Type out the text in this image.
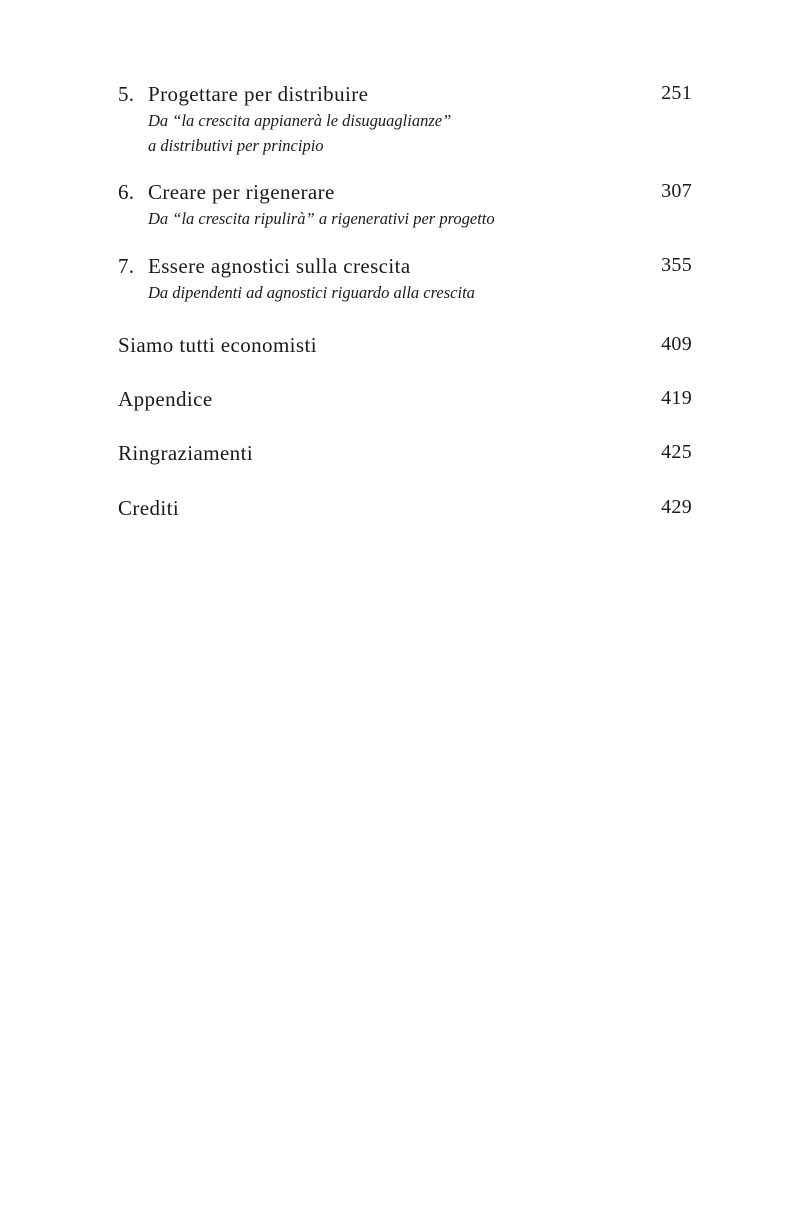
5. Progettare per distribuire	251
Da “la crescita appianerà le disuguaglianze”
a distributivi per principio
6. Creare per rigenerare	307
Da “la crescita ripulirà” a rigenerativi per progetto
7. Essere agnostici sulla crescita	355
Da dipendenti ad agnostici riguardo alla crescita
Siamo tutti economisti	409
Appendice	419
Ringraziamenti	425
Crediti	429
